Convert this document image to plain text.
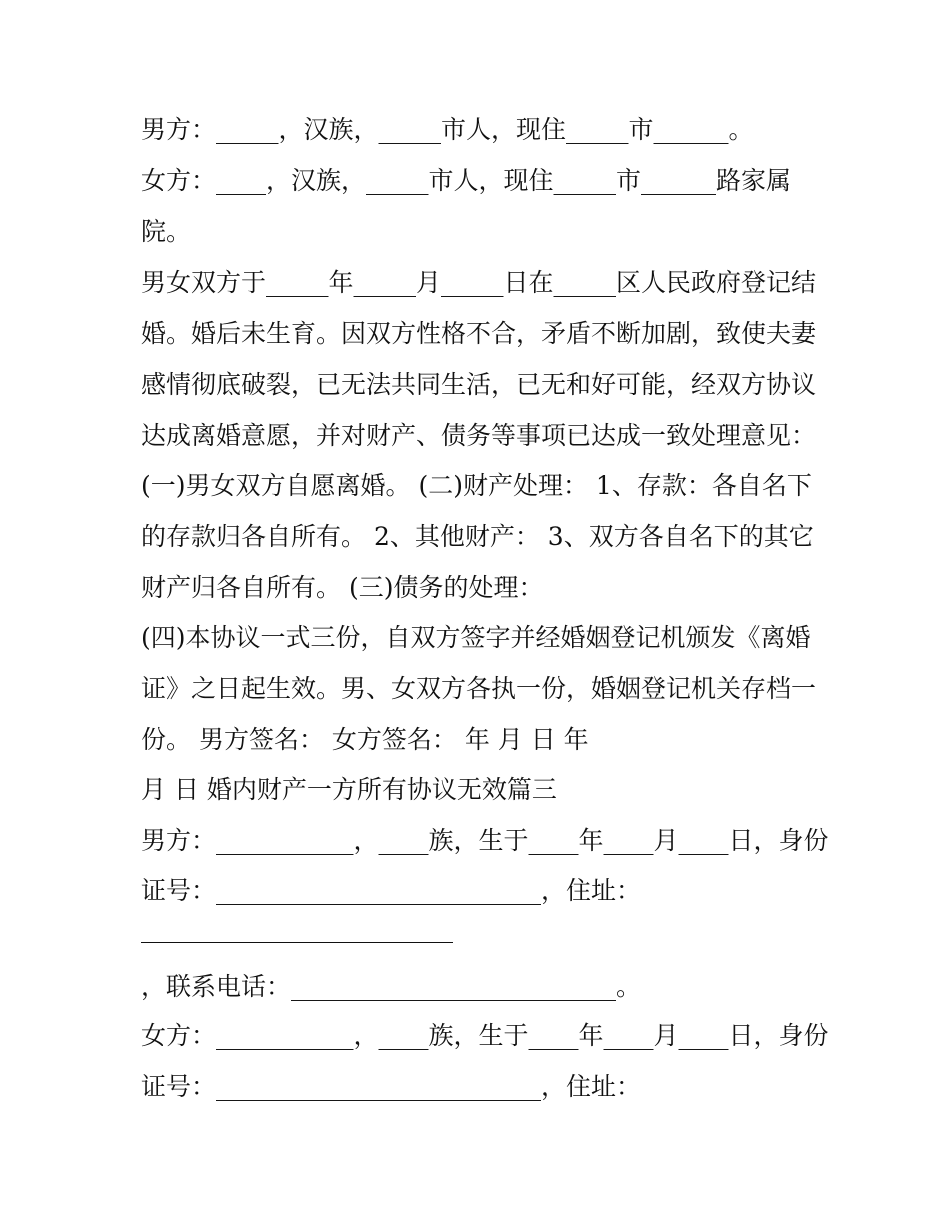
男方：_____，汉族，_____市人，现住_____市______。
女方：____，汉族，_____市人，现住_____市______路家属
院。
男女双方于_____年_____月_____日在_____区人民政府登记结
婚。婚后未生育。因双方性格不合，矛盾不断加剧，致使夫妻
感情彻底破裂，已无法共同生活，已无和好可能，经双方协议
达成离婚意愿，并对财产、债务等事项已达成一致处理意见：
(一)男女双方自愿离婚。 (二)财产处理： 1、存款：各自名下
的存款归各自所有。 2、其他财产： 3、双方各自名下的其它
财产归各自所有。 (三)债务的处理：
(四)本协议一式三份，自双方签字并经婚姻登记机颁发《离婚
证》之日起生效。男、女双方各执一份，婚姻登记机关存档一
份。 男方签名： 女方签名： 年 月 日 年
月 日 婚内财产一方所有协议无效篇三
男方：___________，____族，生于____年____月____日，身份
证号：__________________________，住址：
，联系电话：__________________________。
女方：___________，____族，生于____年____月____日，身份
证号：__________________________，住址：
